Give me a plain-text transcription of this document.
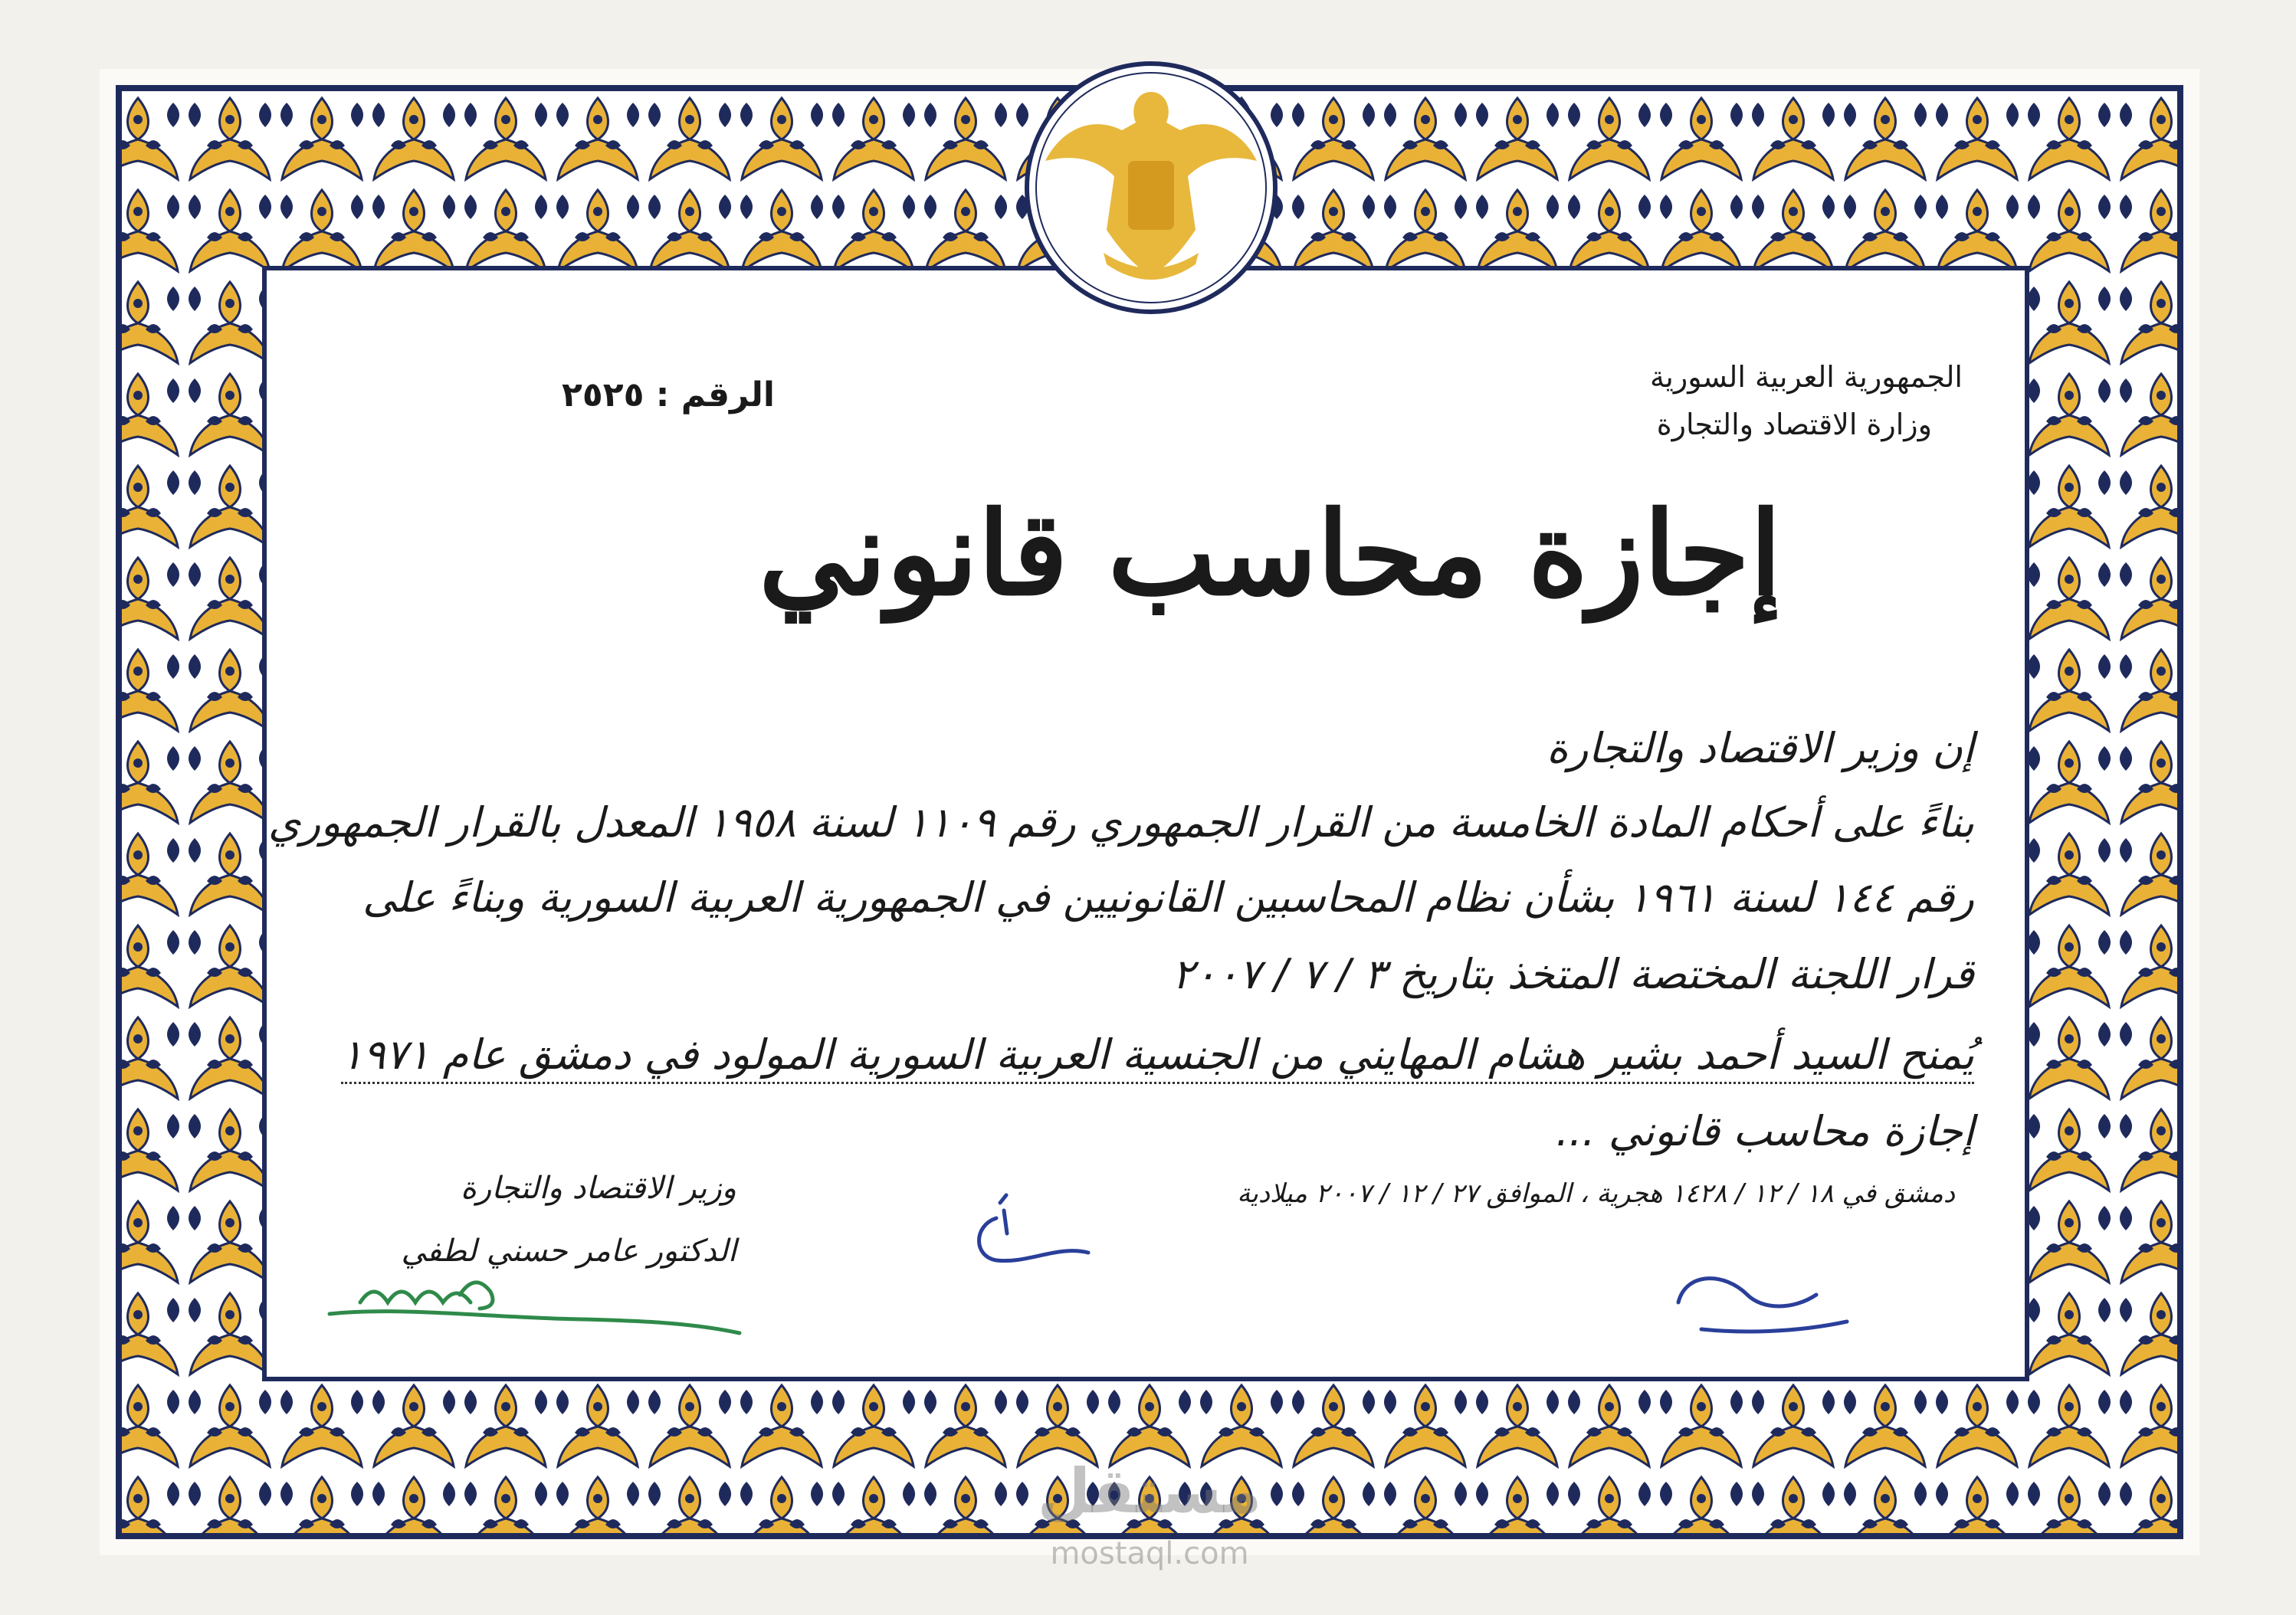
الجمهورية العربية السورية
وزارة الاقتصاد والتجارة
الرقم : ٢٥٢٥
إجازة محاسب قانوني
إن وزير الاقتصاد والتجارة
بناءً على أحكام المادة الخامسة من القرار الجمهوري رقم ١١٠٩ لسنة ١٩٥٨ المعدل بالقرار الجمهوري
رقم ١٤٤ لسنة ١٩٦١ بشأن نظام المحاسبين القانونيين في الجمهورية العربية السورية وبناءً على
قرار اللجنة المختصة المتخذ بتاريخ ٣ / ٧ / ٢٠٠٧
يُمنح السيد أحمد بشير هشام المهايني من الجنسية العربية السورية المولود في دمشق عام ١٩٧١
إجازة محاسب قانوني ...
دمشق في ١٨ / ١٢ / ١٤٢٨ هجرية ، الموافق ٢٧ / ١٢ / ٢٠٠٧ ميلادية
وزير الاقتصاد والتجارة
الدكتور عامر حسني لطفي
مستقل
mostaql.com
